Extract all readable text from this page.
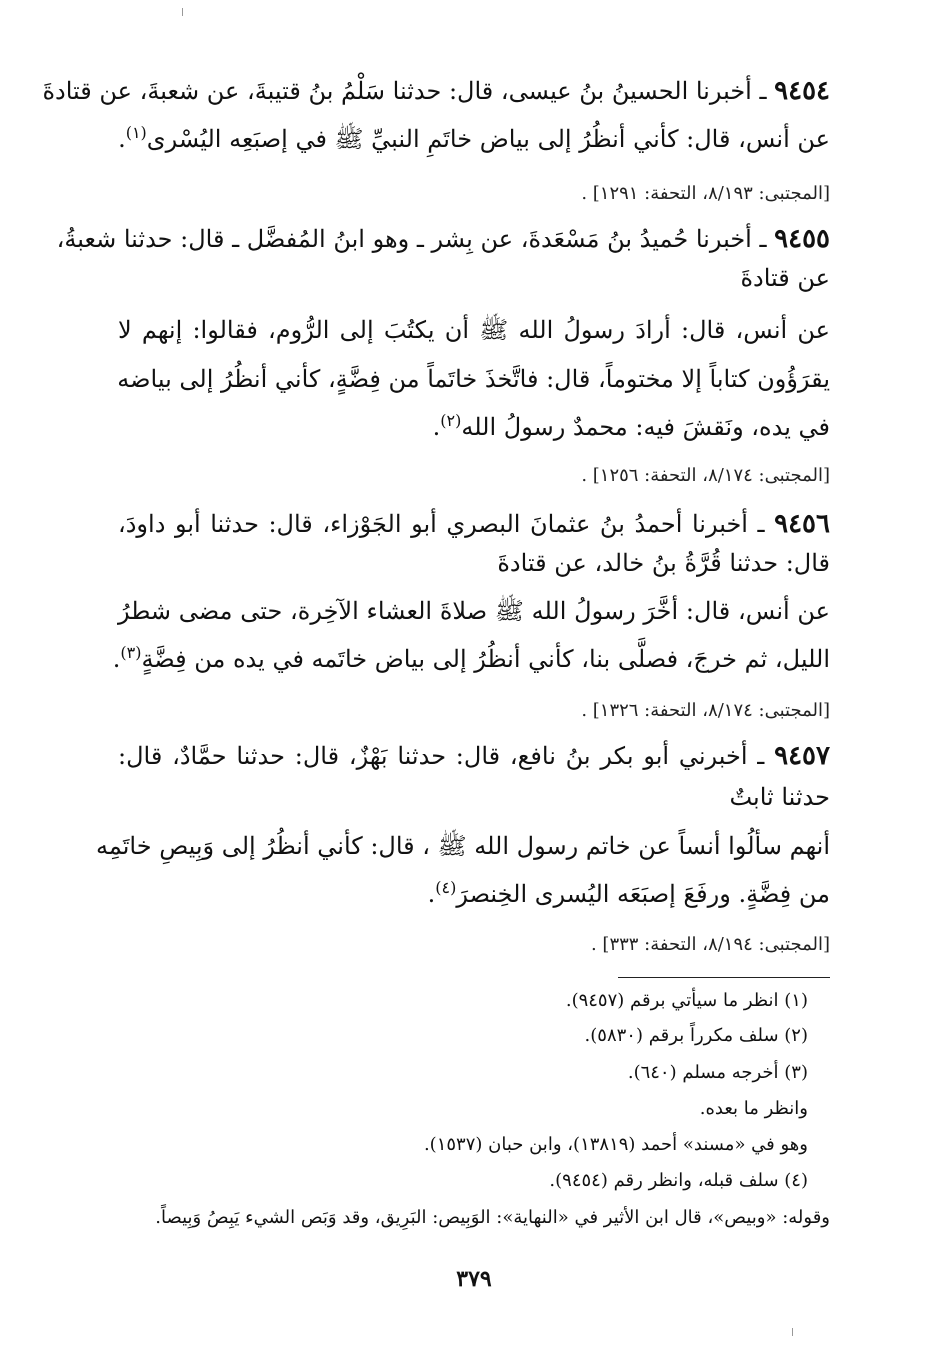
٩٤٥٤ ـ أخبرنا الحسينُ بنُ عيسى، قال: حدثنا سَلْمُ بنُ قتيبةَ، عن شعبةَ، عن قتادةَ
عن أنس، قال: كأني أنظُرُ إلى بياض خاتَمِ النبيِّ ﷺ في إصبَعِه اليُسْرى$^{(١)}$.
[المجتبى: ٨/١٩٣، التحفة: ١٢٩١] .
٩٤٥٥ ـ أخبرنا حُميدُ بنُ مَسْعَدةَ، عن بِشر ـ وهو ابنُ المُفضَّل ـ قال: حدثنا شعبةُ،
عن قتادةَ
عن أنس، قال: أرادَ رسولُ الله ﷺ أن يكتُبَ إلى الرُّوم، فقالوا: إنهم لا
يقرَؤُون كتاباً إلا مختوماً، قال: فاتَّخذَ خاتَماً من فِضَّةٍ، كأني أنظُرُ إلى بياضه
في يده، ونَقشَ فيه: محمدٌ رسولُ الله$^{(٢)}$.
[المجتبى: ٨/١٧٤، التحفة: ١٢٥٦] .
٩٤٥٦ ـ أخبرنا أحمدُ بنُ عثمانَ البصري أبو الجَوْزاء، قال: حدثنا أبو داودَ،
قال: حدثنا قُرَّةُ بنُ خالد، عن قتادةَ
عن أنس، قال: أخَّرَ رسولُ الله ﷺ صلاةَ العشاء الآخِرة، حتى مضى شطرُ
الليل، ثم خرجَ، فصلَّى بنا، كأني أنظُرُ إلى بياض خاتَمه في يده من فِضَّةٍ$^{(٣)}$.
[المجتبى: ٨/١٧٤، التحفة: ١٣٢٦] .
٩٤٥٧ ـ أخبرني أبو بكر بنُ نافع، قال: حدثنا بَهْزٌ، قال: حدثنا حمَّادٌ، قال:
حدثنا ثابتٌ
أنهم سألُوا أنساً عن خاتم رسول الله ﷺ ، قال: كأني أنظُرُ إلى وَبِيصِ خاتَمِه
من فِضَّةٍ. ورفَعَ إصبَعَه اليُسرى الخِنصرَ$^{(٤)}$.
[المجتبى: ٨/١٩٤، التحفة: ٣٣٣] .
(١) انظر ما سيأتي برقم (٩٤٥٧).
(٢) سلف مكرراً برقم (٥٨٣٠).
(٣) أخرجه مسلم (٦٤٠).
وانظر ما بعده.
وهو في «مسند» أحمد (١٣٨١٩)، وابن حبان (١٥٣٧).
(٤) سلف قبله، وانظر رقم (٩٤٥٤).
وقوله: «وبيص»، قال ابن الأثير في «النهاية»: الوَبِيص: البَرِيق، وقد وَبَص الشيء يَبِصُ وَبِيصاً.
٣٧٩
